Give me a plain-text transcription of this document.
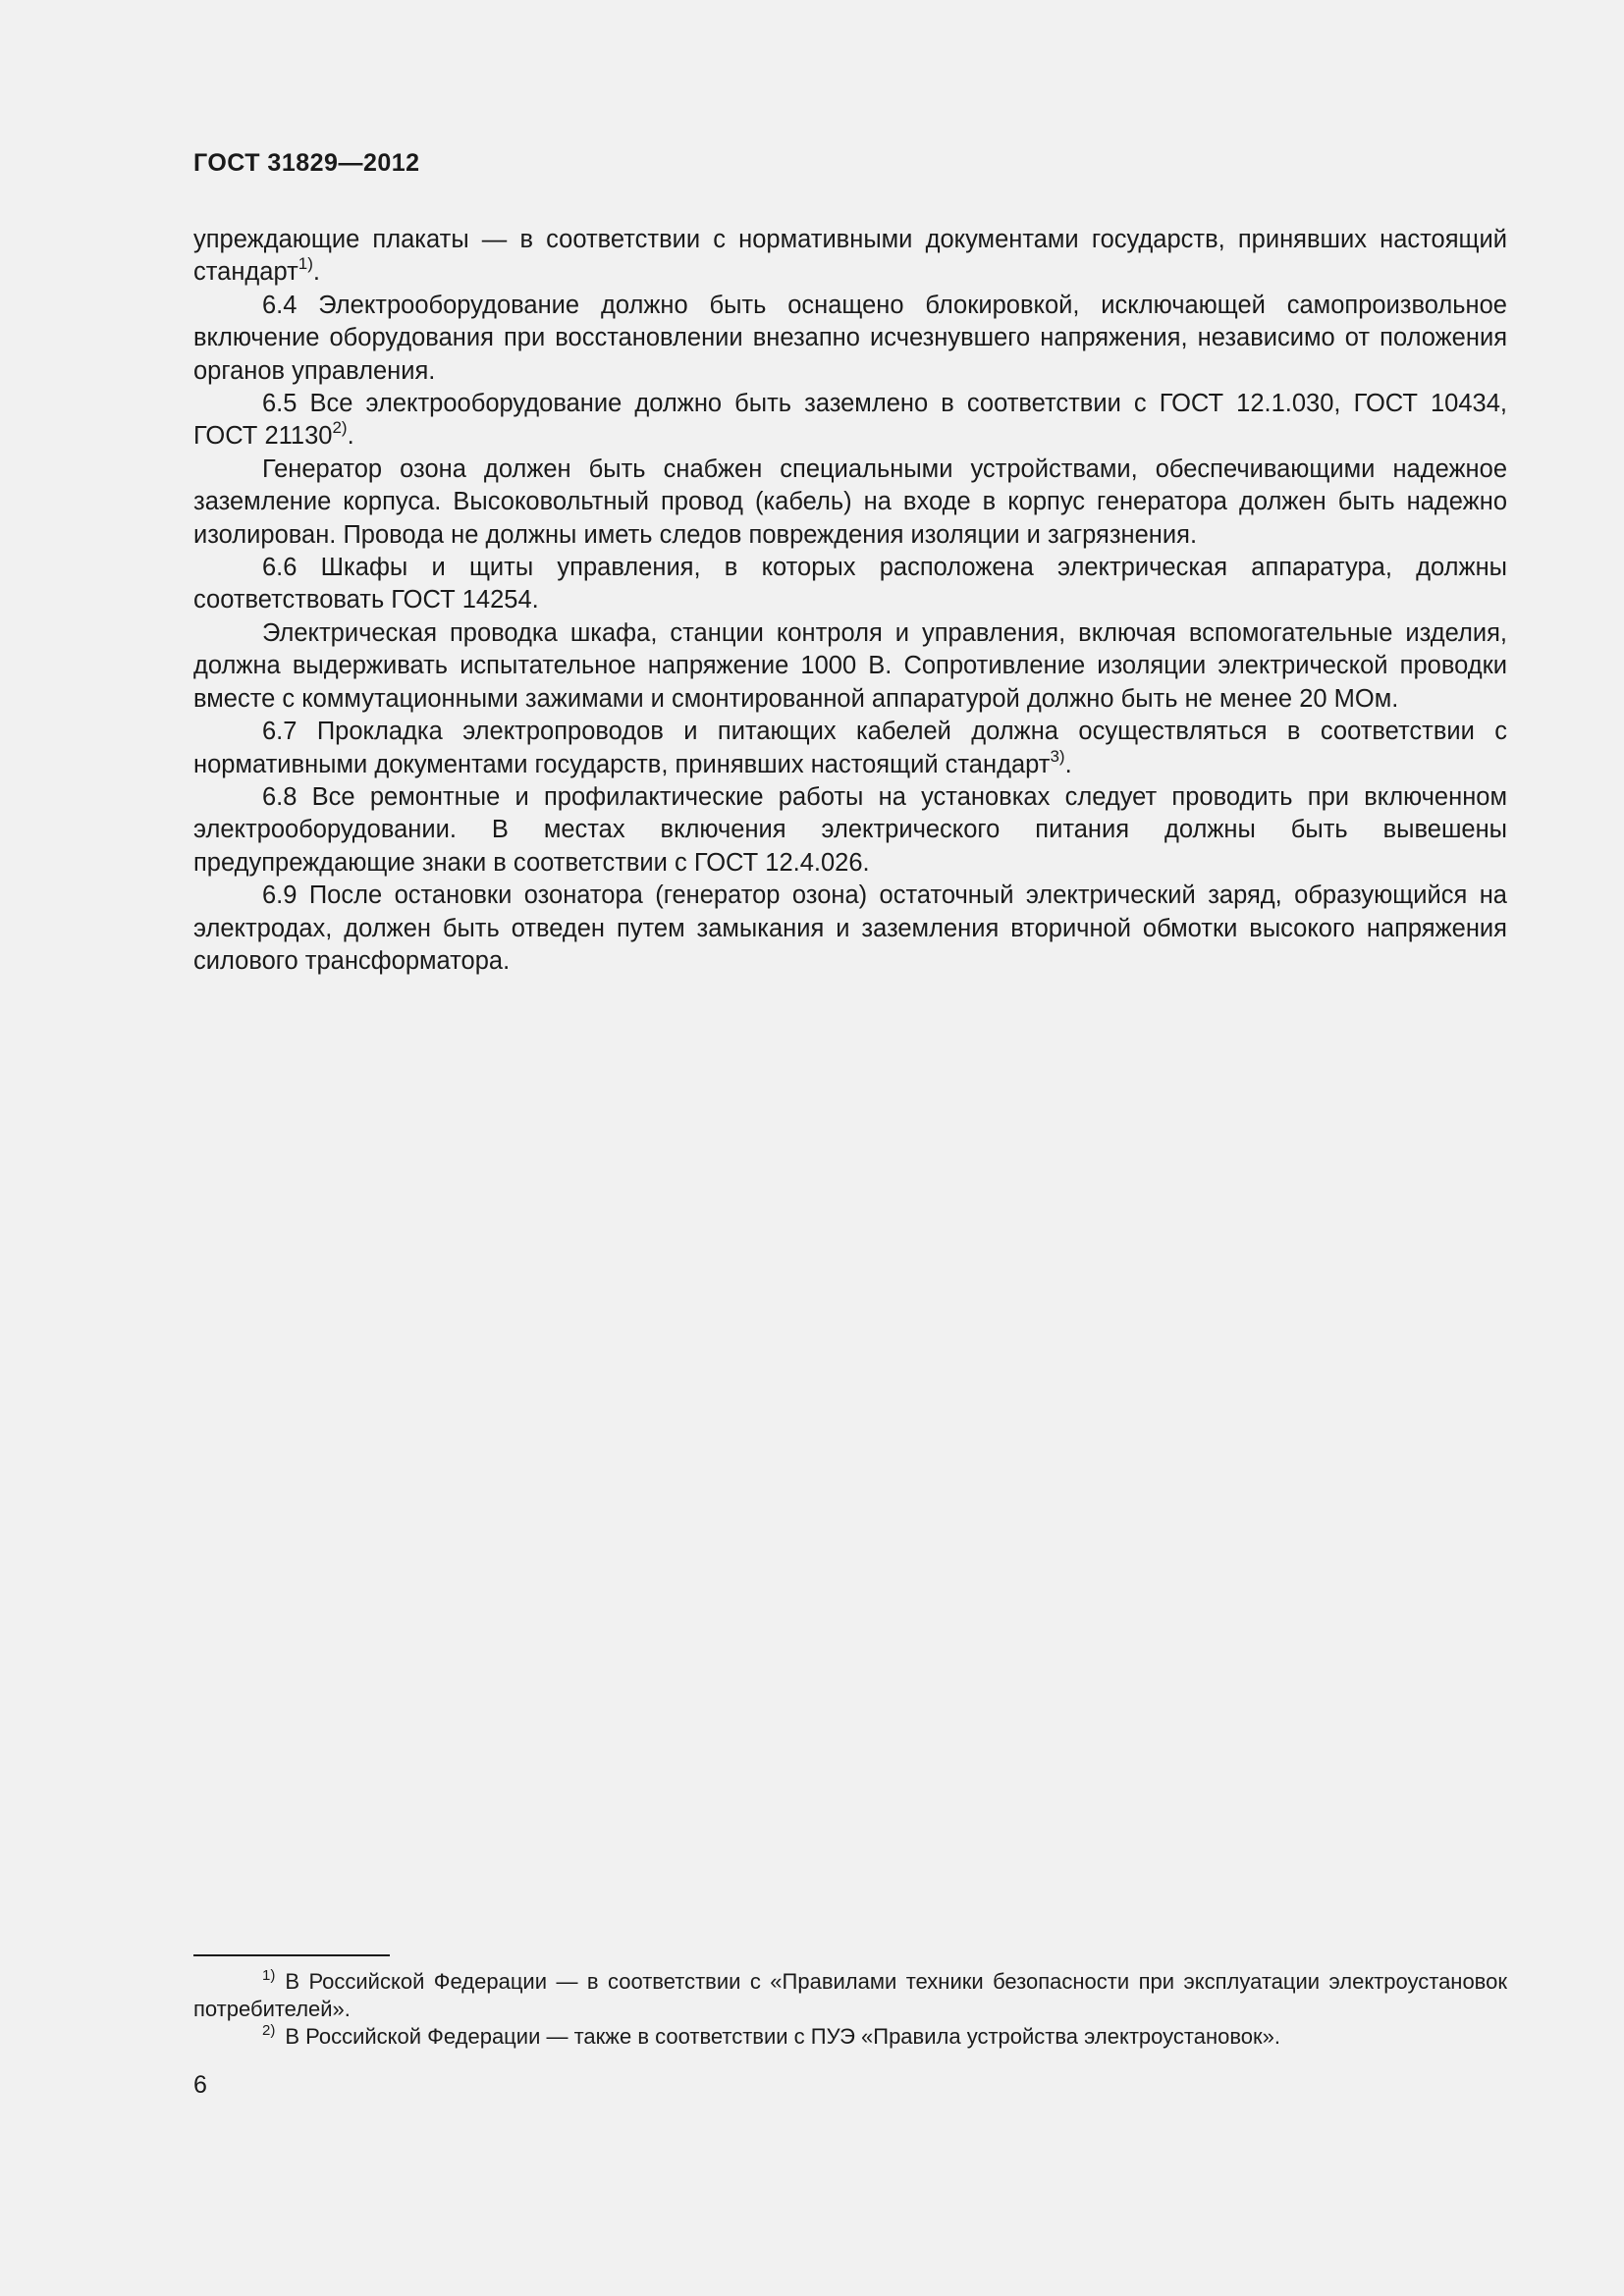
ГОСТ 31829—2012

упреждающие плакаты — в соответствии с нормативными документами государств, принявших настоящий стандарт$^{1)}$.

6.4 Электрооборудование должно быть оснащено блокировкой, исключающей самопроизвольное включение оборудования при восстановлении внезапно исчезнувшего напряжения, независимо от положения органов управления.

6.5 Все электрооборудование должно быть заземлено в соответствии с ГОСТ 12.1.030, ГОСТ 10434, ГОСТ 21130$^{2)}$.

Генератор озона должен быть снабжен специальными устройствами, обеспечивающими надежное заземление корпуса. Высоковольтный провод (кабель) на входе в корпус генератора должен быть надежно изолирован. Провода не должны иметь следов повреждения изоляции и загрязнения.

6.6 Шкафы и щиты управления, в которых расположена электрическая аппаратура, должны соответствовать ГОСТ 14254.

Электрическая проводка шкафа, станции контроля и управления, включая вспомогательные изделия, должна выдерживать испытательное напряжение 1000 В. Сопротивление изоляции электрической проводки вместе с коммутационными зажимами и смонтированной аппаратурой должно быть не менее 20 МОм.

6.7 Прокладка электропроводов и питающих кабелей должна осуществляться в соответствии с нормативными документами государств, принявших настоящий стандарт$^{3)}$.

6.8 Все ремонтные и профилактические работы на установках следует проводить при включенном электрооборудовании. В местах включения электрического питания должны быть вывешены предупреждающие знаки в соответствии с ГОСТ 12.4.026.

6.9 После остановки озонатора (генератор озона) остаточный электрический заряд, образующийся на электродах, должен быть отведен путем замыкания и заземления вторичной обмотки высокого напряжения силового трансформатора.

$^{1)}$ В Российской Федерации — в соответствии с «Правилами техники безопасности при эксплуатации электроустановок потребителей».

$^{2)}$ В Российской Федерации — также в соответствии с ПУЭ «Правила устройства электроустановок».

6
